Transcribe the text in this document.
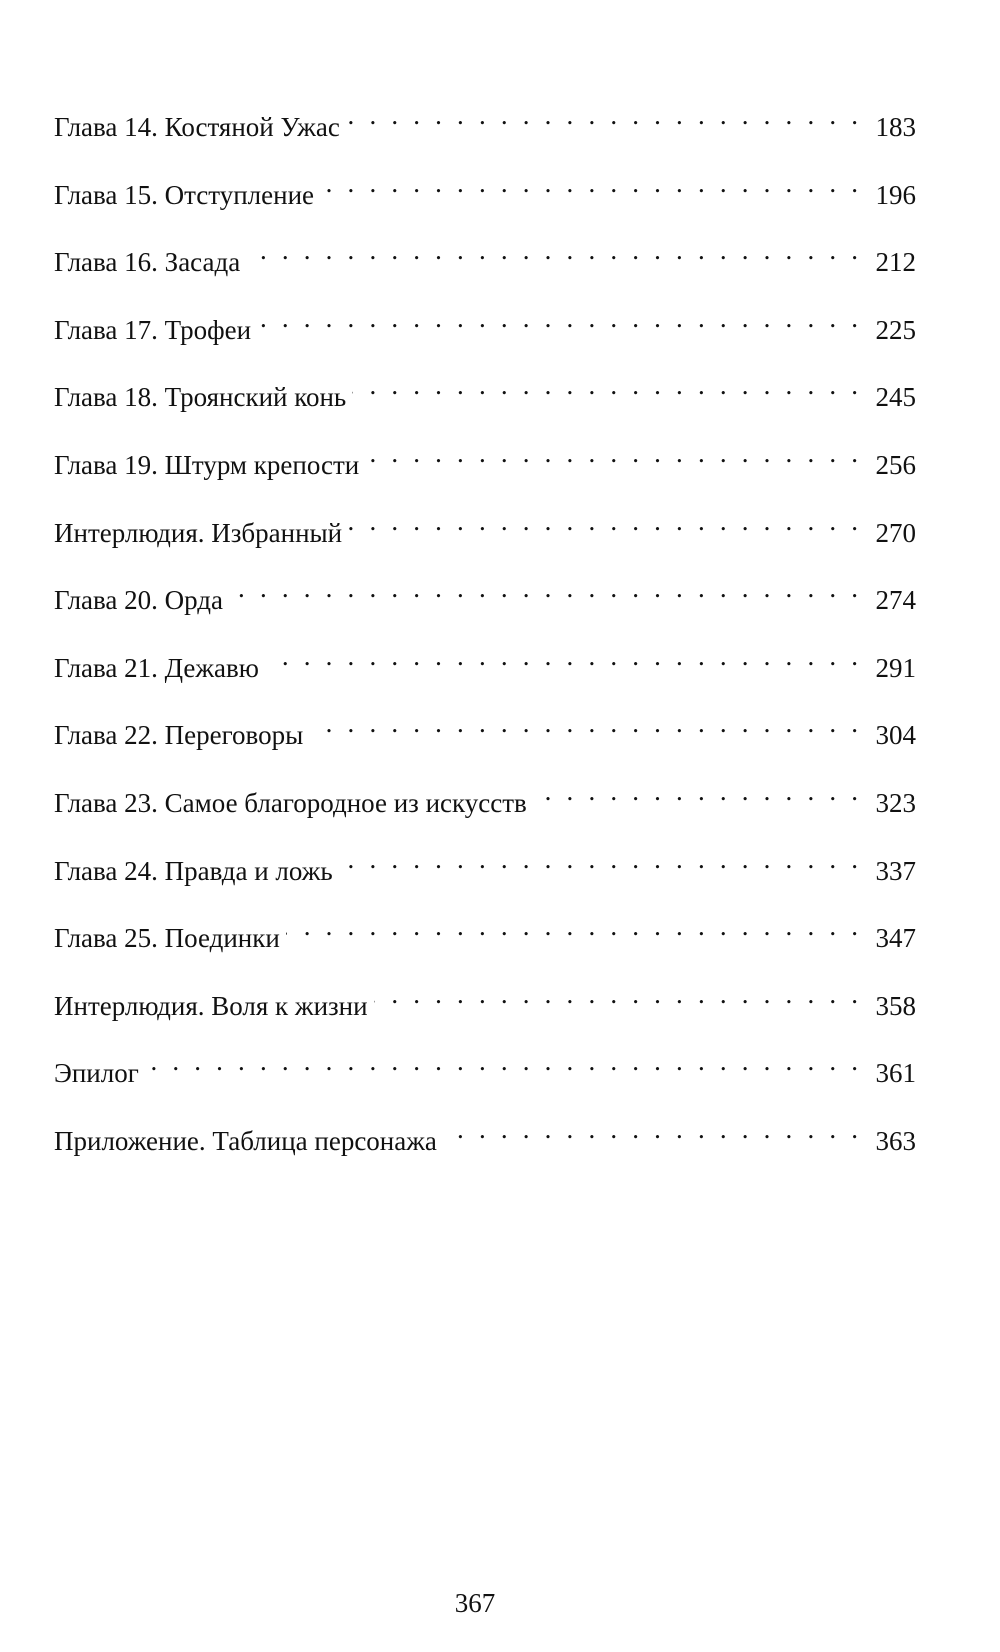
Глава 14. Костяной Ужас . . .	183
Глава 15. Отступление . . .	196
Глава 16. Засада . . .	212
Глава 17. Трофеи . . .	225
Глава 18. Троянский конь . . .	245
Глава 19. Штурм крепости . . .	256
Интерлюдия. Избранный . . .	270
Глава 20. Орда . . .	274
Глава 21. Дежавю . . .	291
Глава 22. Переговоры . . .	304
Глава 23. Самое благородное из искусств . . .	323
Глава 24. Правда и ложь . . .	337
Глава 25. Поединки . . .	347
Интерлюдия. Воля к жизни . . .	358
Эпилог . . .	361
Приложение. Таблица персонажа . . .	363
367
